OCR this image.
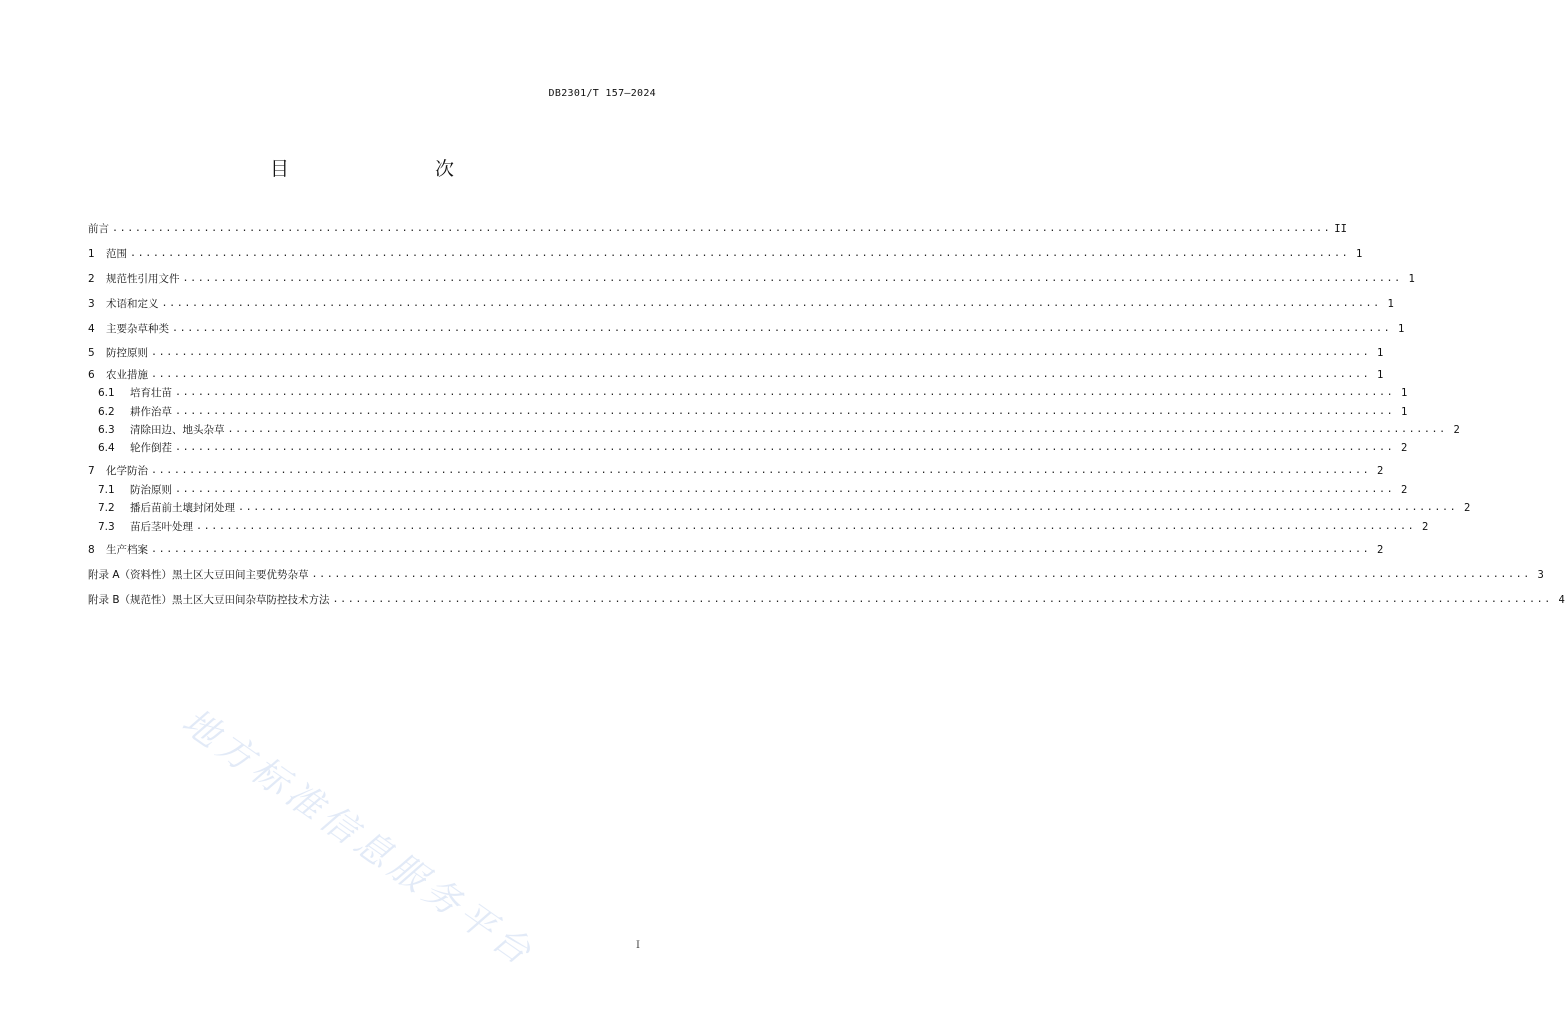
DB2301/T 157—2024
目　　次
前言 ................................................................................................................................................................ II
1	范围 ................................................................................................................................................................ 1
2	规范性引用文件 ................................................................................................................................................................ 1
3	术语和定义 ................................................................................................................................................................ 1
4	主要杂草种类 ................................................................................................................................................................ 1
5	防控原则 ................................................................................................................................................................ 1
6	农业措施 ................................................................................................................................................................ 1
6.1	培育壮苗 ................................................................................................................................................................ 1
6.2	耕作治草 ................................................................................................................................................................ 1
6.3	清除田边、地头杂草 ................................................................................................................................................................ 2
6.4	轮作倒茬 ................................................................................................................................................................ 2
7	化学防治 ................................................................................................................................................................ 2
7.1	防治原则 ................................................................................................................................................................ 2
7.2	播后苗前土壤封闭处理 ................................................................................................................................................................ 2
7.3	苗后茎叶处理 ................................................................................................................................................................ 2
8	生产档案 ................................................................................................................................................................ 2
附录 A（资料性）黑土区大豆田间主要优势杂草 ................................................................................................................................................................ 3
附录 B（规范性）黑土区大豆田间杂草防控技术方法 ................................................................................................................................................................ 4
地方标准信息服务平台	I
